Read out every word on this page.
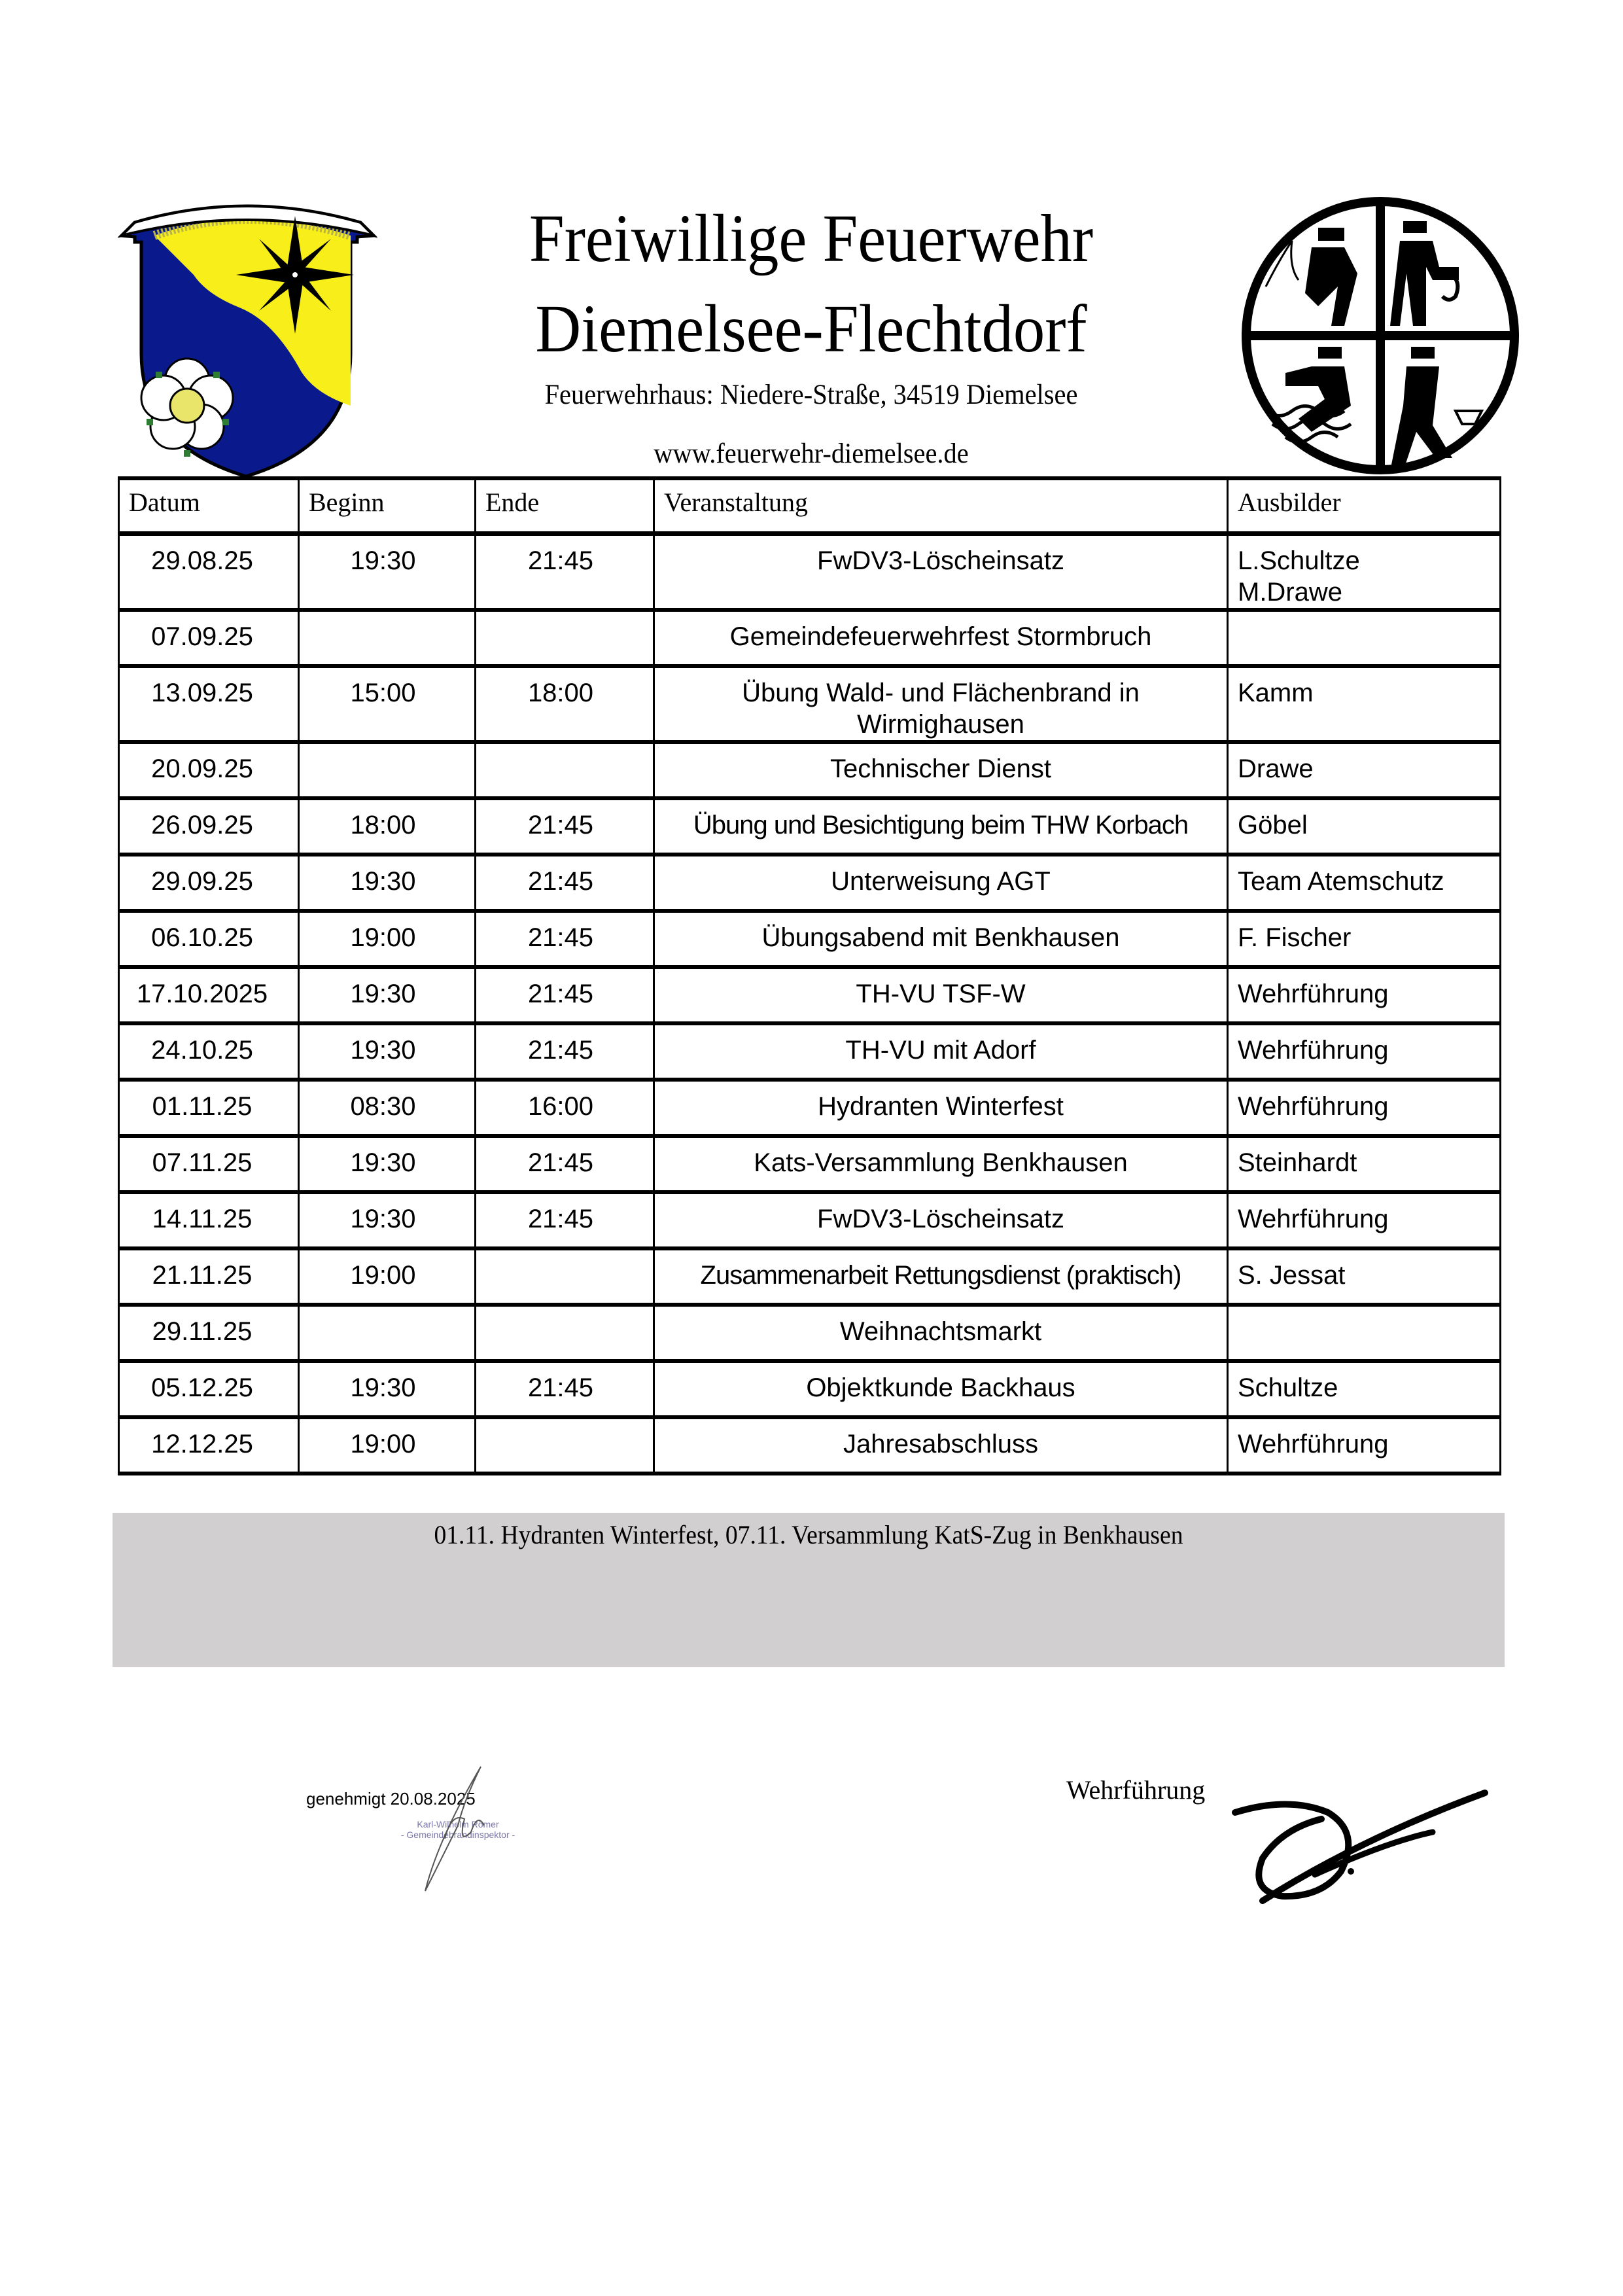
Freiwillige Feuerwehr
Diemelsee-Flechtdorf
Feuerwehrhaus: Niedere-Straße, 34519 Diemelsee
www.feuerwehr-diemelsee.de
Datum	Beginn	Ende	Veranstaltung	Ausbilder
29.08.25	19:30	21:45	FwDV3-Löscheinsatz	L.Schultze
M.Drawe

07.09.25			Gemeindefeuerwehrfest Stormbruch	
13.09.25	15:00	18:00	Übung Wald- und Flächenbrand in Wirmighausen	Kamm
20.09.25			Technischer Dienst	Drawe
26.09.25	18:00	21:45	Übung und Besichtigung beim THW Korbach	Göbel
29.09.25	19:30	21:45	Unterweisung AGT	Team Atemschutz
06.10.25	19:00	21:45	Übungsabend mit Benkhausen	F. Fischer
17.10.2025	19:30	21:45	TH-VU TSF-W	Wehrführung
24.10.25	19:30	21:45	TH-VU mit Adorf	Wehrführung
01.11.25	08:30	16:00	Hydranten Winterfest	Wehrführung
07.11.25	19:30	21:45	Kats-Versammlung Benkhausen	Steinhardt
14.11.25	19:30	21:45	FwDV3-Löscheinsatz	Wehrführung
21.11.25	19:00		Zusammenarbeit Rettungsdienst (praktisch)	S. Jessat
29.11.25			Weihnachtsmarkt	
05.12.25	19:30	21:45	Objektkunde Backhaus	Schultze
12.12.25	19:00		Jahresabschluss	Wehrführung
01.11. Hydranten Winterfest, 07.11. Versammlung KatS-Zug in Benkhausen
genehmigt 20.08.2025
Karl-Wilhelm Römer
- Gemeindebrandinspektor -
Wehrführung
